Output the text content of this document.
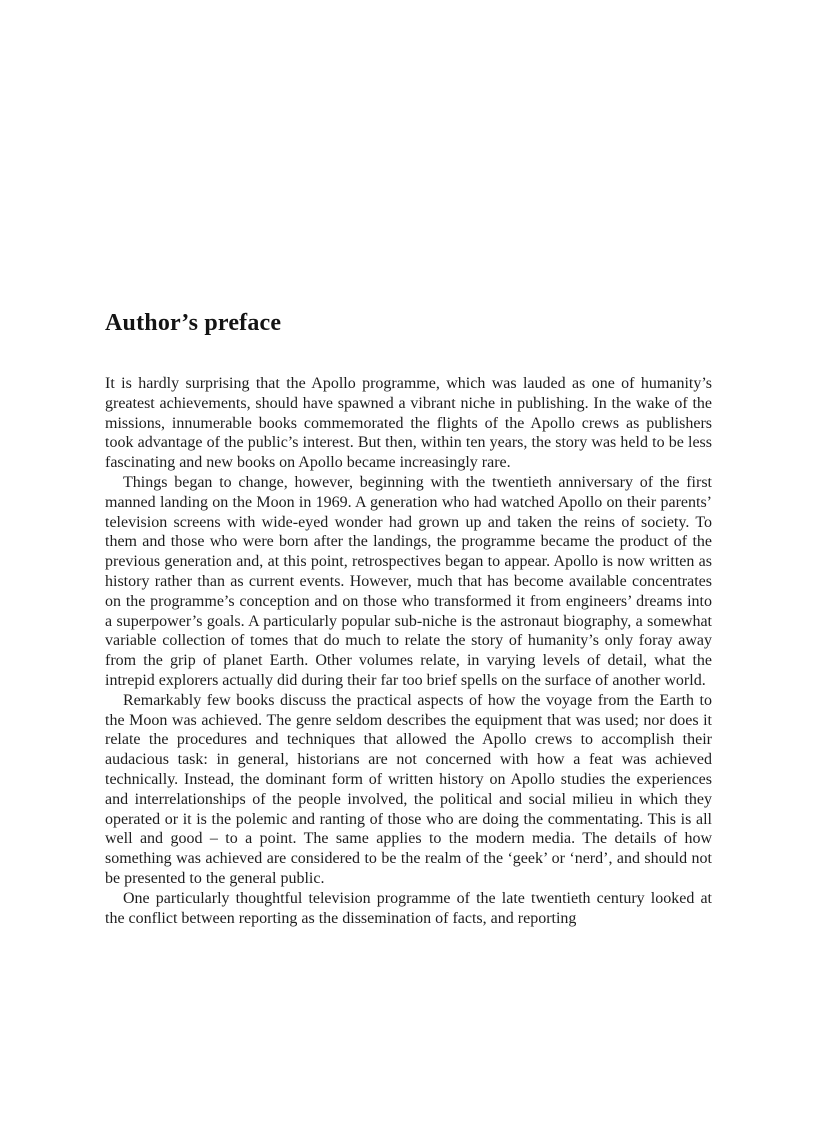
Author’s preface

It is hardly surprising that the Apollo programme, which was lauded as one of humanity’s greatest achievements, should have spawned a vibrant niche in publishing. In the wake of the missions, innumerable books commemorated the flights of the Apollo crews as publishers took advantage of the public’s interest. But then, within ten years, the story was held to be less fascinating and new books on Apollo became increasingly rare.

Things began to change, however, beginning with the twentieth anniversary of the first manned landing on the Moon in 1969. A generation who had watched Apollo on their parents’ television screens with wide-eyed wonder had grown up and taken the reins of society. To them and those who were born after the landings, the programme became the product of the previous generation and, at this point, retrospectives began to appear. Apollo is now written as history rather than as current events. However, much that has become available concentrates on the programme’s conception and on those who transformed it from engineers’ dreams into a superpower’s goals. A particularly popular sub-niche is the astronaut biography, a somewhat variable collection of tomes that do much to relate the story of humanity’s only foray away from the grip of planet Earth. Other volumes relate, in varying levels of detail, what the intrepid explorers actually did during their far too brief spells on the surface of another world.

Remarkably few books discuss the practical aspects of how the voyage from the Earth to the Moon was achieved. The genre seldom describes the equipment that was used; nor does it relate the procedures and techniques that allowed the Apollo crews to accomplish their audacious task: in general, historians are not concerned with how a feat was achieved technically. Instead, the dominant form of written history on Apollo studies the experiences and interrelationships of the people involved, the political and social milieu in which they operated or it is the polemic and ranting of those who are doing the commentating. This is all well and good – to a point. The same applies to the modern media. The details of how something was achieved are considered to be the realm of the ‘geek’ or ‘nerd’, and should not be presented to the general public.

One particularly thoughtful television programme of the late twentieth century looked at the conflict between reporting as the dissemination of facts, and reporting
